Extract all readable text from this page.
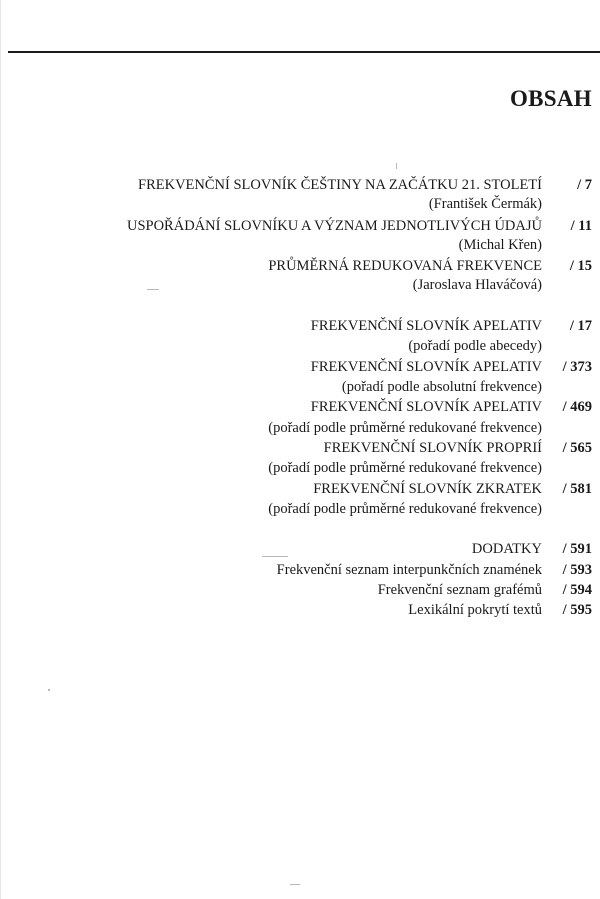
OBSAH
FREKVENČNÍ SLOVNÍK ČEŠTINY NA ZAČÁTKU 21. STOLETÍ / 7
(František Čermák)
USPOŘÁDÁNÍ SLOVNÍKU A VÝZNAM JEDNOTLIVÝCH ÚDAJŮ / 11
(Michal Křen)
PRŮMĚRNÁ REDUKOVANÁ FREKVENCE / 15
(Jaroslava Hlaváčová)
FREKVENČNÍ SLOVNÍK APELATIV / 17
(pořadí podle abecedy)
FREKVENČNÍ SLOVNÍK APELATIV / 373
(pořadí podle absolutní frekvence)
FREKVENČNÍ SLOVNÍK APELATIV / 469
(pořadí podle průměrné redukované frekvence)
FREKVENČNÍ SLOVNÍK PROPRIÍ / 565
(pořadí podle průměrné redukované frekvence)
FREKVENČNÍ SLOVNÍK ZKRATEK / 581
(pořadí podle průměrné redukované frekvence)
DODATKY / 591
Frekvenční seznam interpunkčních znamének / 593
Frekvenční seznam grafémů / 594
Lexikální pokrytí textů / 595
